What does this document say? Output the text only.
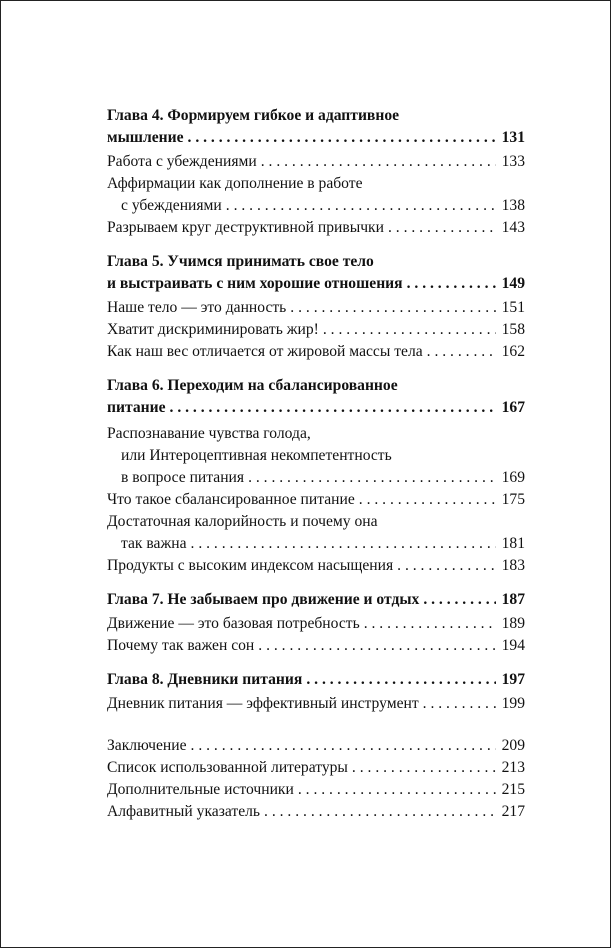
Глава 4. Формируем гибкое и адаптивное
мышление . . .	131
Работа с убеждениями . . .	133
Аффирмации как дополнение в работе
с убеждениями . . .	138
Разрываем круг деструктивной привычки . . .	143
Глава 5. Учимся принимать свое тело
и выстраивать с ним хорошие отношения . . .	149
Наше тело — это данность . . .	151
Хватит дискриминировать жир! . . .	158
Как наш вес отличается от жировой массы тела . . .	162
Глава 6. Переходим на сбалансированное
питание . . .	167
Распознавание чувства голода,
или Интероцептивная некомпетентность
в вопросе питания . . .	169
Что такое сбалансированное питание . . .	175
Достаточная калорийность и почему она
так важна . . .	181
Продукты с высоким индексом насыщения . . .	183
Глава 7. Не забываем про движение и отдых . . .	187
Движение — это базовая потребность . . .	189
Почему так важен сон . . .	194
Глава 8. Дневники питания . . .	197
Дневник питания — эффективный инструмент . . .	199
Заключение . . .	209
Список использованной литературы . . .	213
Дополнительные источники . . .	215
Алфавитный указатель . . .	217
